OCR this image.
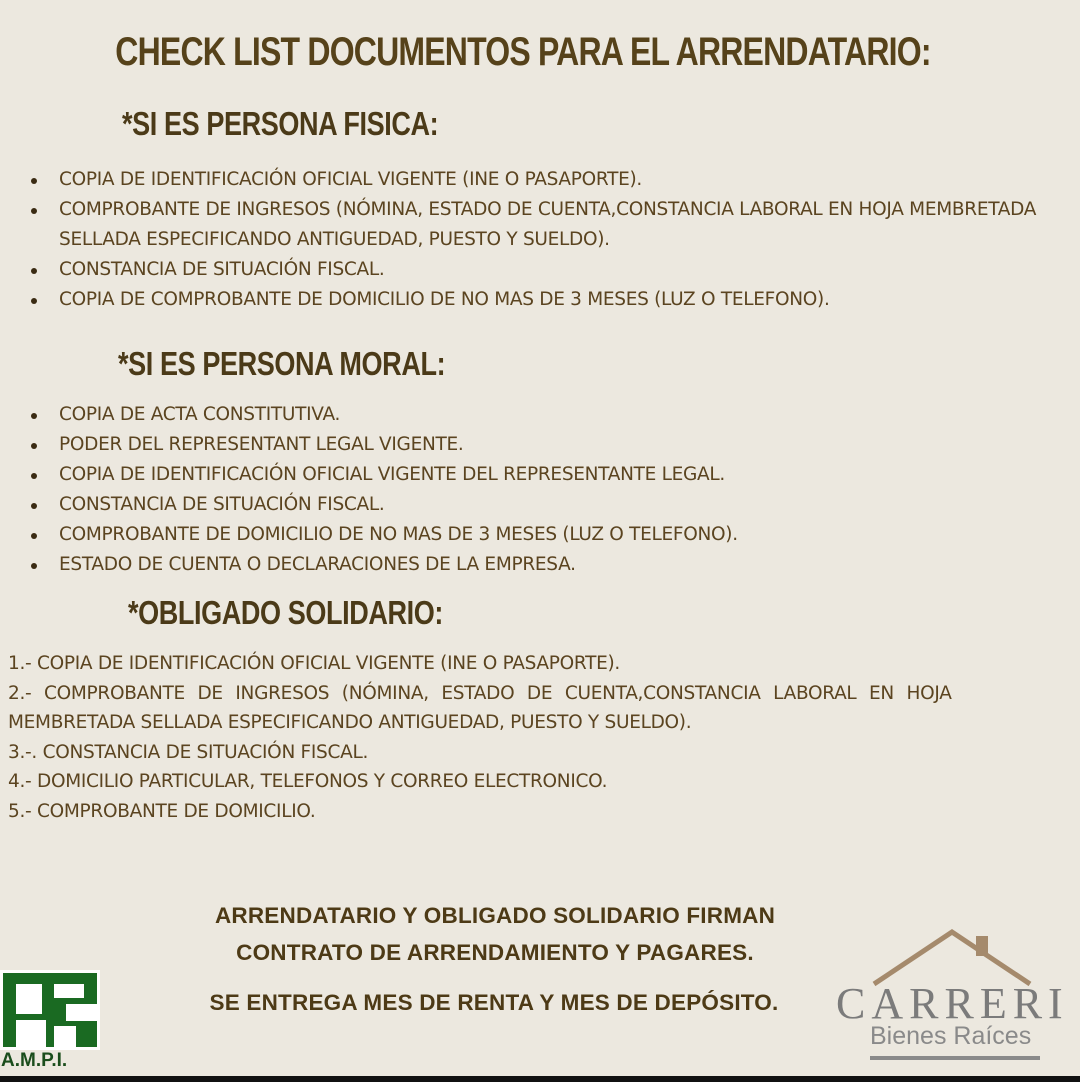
CHECK LIST DOCUMENTOS PARA EL ARRENDATARIO:
*SI ES PERSONA FISICA:
COPIA DE IDENTIFICACIÓN OFICIAL VIGENTE (INE O PASAPORTE).
COMPROBANTE DE INGRESOS (NÓMINA, ESTADO DE CUENTA,CONSTANCIA LABORAL EN HOJA MEMBRETADA SELLADA ESPECIFICANDO ANTIGUEDAD, PUESTO Y SUELDO).
CONSTANCIA DE SITUACIÓN FISCAL.
COPIA DE COMPROBANTE DE DOMICILIO DE NO MAS DE 3 MESES (LUZ O TELEFONO).
*SI ES PERSONA MORAL:
COPIA DE ACTA CONSTITUTIVA.
PODER DEL REPRESENTANT LEGAL VIGENTE.
COPIA DE IDENTIFICACIÓN OFICIAL VIGENTE DEL REPRESENTANTE LEGAL.
CONSTANCIA DE SITUACIÓN FISCAL.
COMPROBANTE DE DOMICILIO DE NO MAS DE 3 MESES (LUZ O TELEFONO).
ESTADO DE CUENTA O DECLARACIONES DE LA EMPRESA.
*OBLIGADO SOLIDARIO:
1.- COPIA DE IDENTIFICACIÓN OFICIAL VIGENTE (INE O PASAPORTE).
2.- COMPROBANTE DE INGRESOS (NÓMINA, ESTADO DE CUENTA,CONSTANCIA LABORAL EN HOJA
MEMBRETADA SELLADA ESPECIFICANDO ANTIGUEDAD, PUESTO Y SUELDO).
3.-. CONSTANCIA DE SITUACIÓN FISCAL.
4.- DOMICILIO PARTICULAR, TELEFONOS Y CORREO ELECTRONICO.
5.- COMPROBANTE DE DOMICILIO.
ARRENDATARIO Y OBLIGADO SOLIDARIO FIRMAN
CONTRATO DE ARRENDAMIENTO Y PAGARES.
SE ENTREGA MES DE RENTA Y MES DE DEPÓSITO.
A.M.P.I.
CARRERI
Bienes Raíces
